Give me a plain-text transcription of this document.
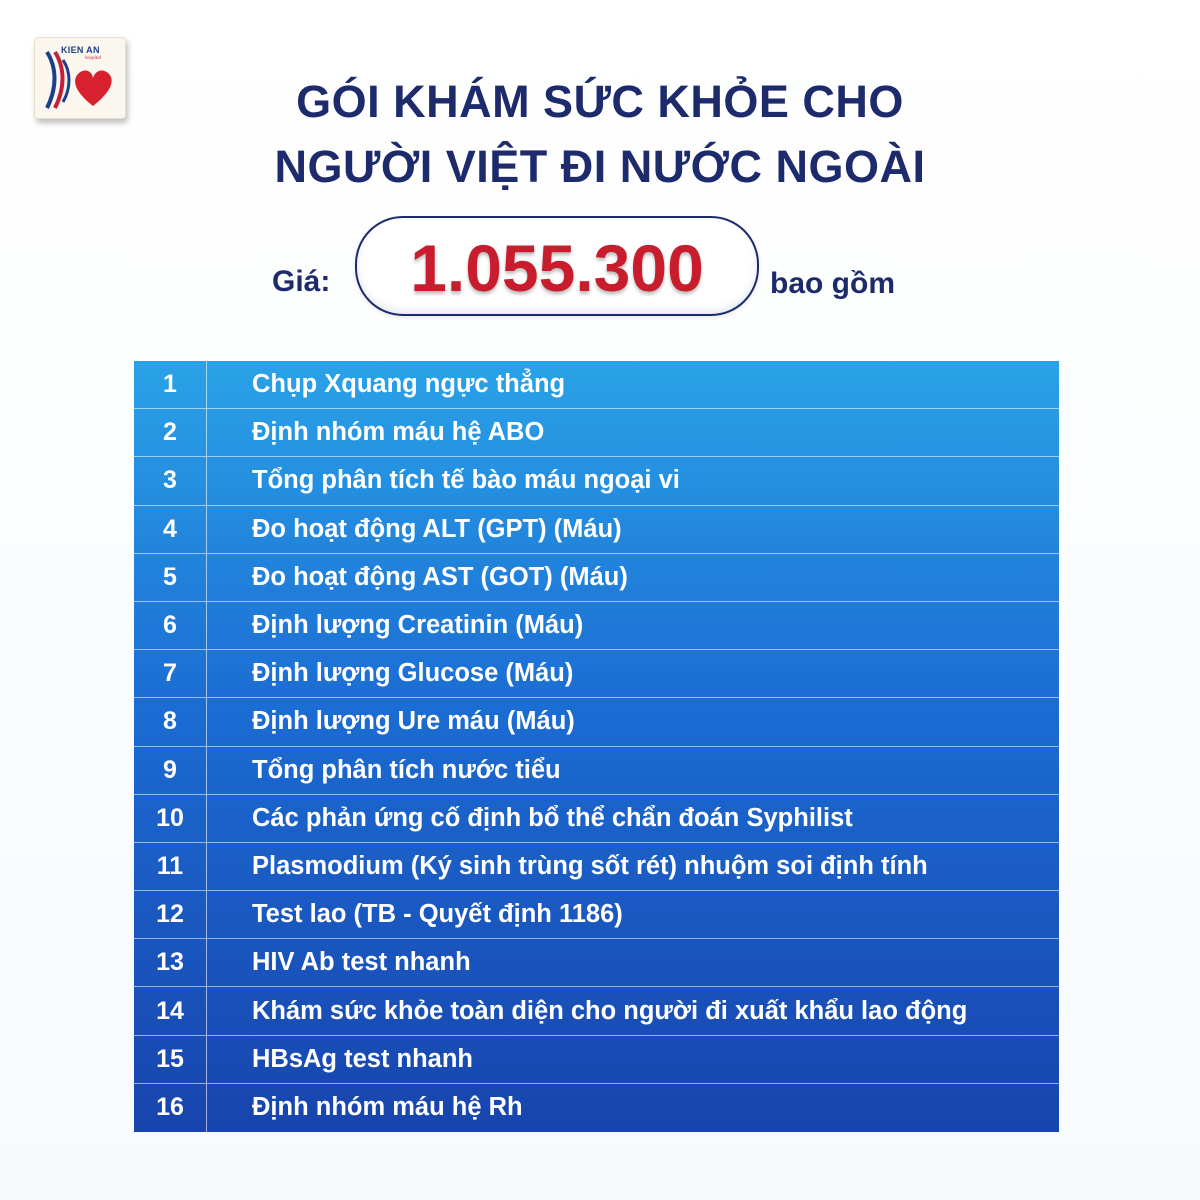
KIEN AN
hospital
GÓI KHÁM SỨC KHỎE CHO
NGƯỜI VIỆT ĐI NƯỚC NGOÀI
Giá:	1.055.300	bao gồm
1	Chụp Xquang ngực thẳng
2	Định nhóm máu hệ ABO
3	Tổng phân tích tế bào máu ngoại vi
4	Đo hoạt động ALT (GPT) (Máu)
5	Đo hoạt động AST (GOT) (Máu)
6	Định lượng Creatinin (Máu)
7	Định lượng Glucose (Máu)
8	Định lượng Ure máu (Máu)
9	Tổng phân tích nước tiểu
10	Các phản ứng cố định bổ thể chẩn đoán Syphilist
11	Plasmodium (Ký sinh trùng sốt rét) nhuộm soi định tính
12	Test lao (TB - Quyết định 1186)
13	HIV Ab test nhanh
14	Khám sức khỏe toàn diện cho người đi xuất khẩu lao động
15	HBsAg test nhanh
16	Định nhóm máu hệ Rh
